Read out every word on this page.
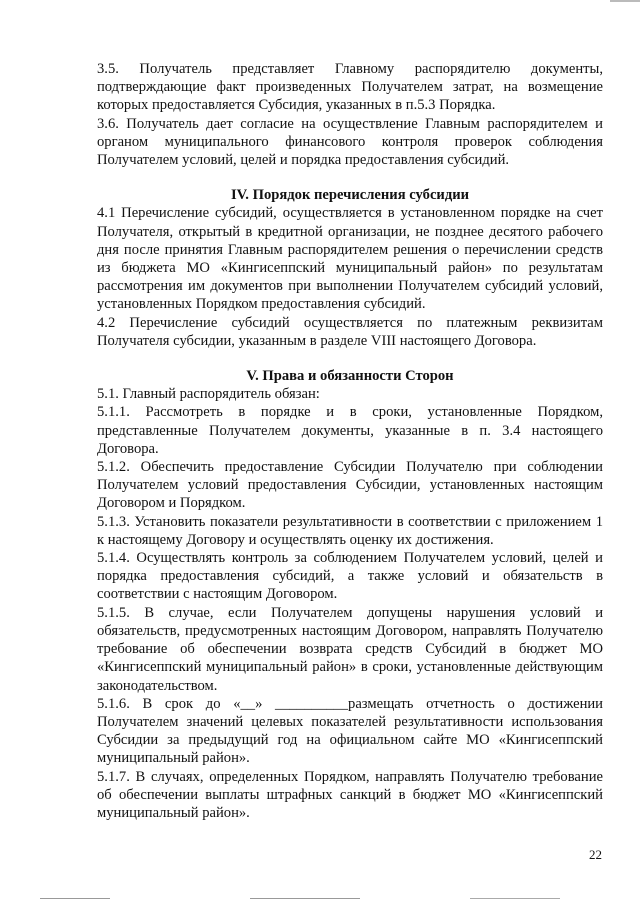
3.5. Получатель представляет Главному распорядителю документы, подтверждающие факт произведенных Получателем затрат, на возмещение которых предоставляется Субсидия, указанных в п.5.3 Порядка.

3.6. Получатель дает согласие на осуществление Главным распорядителем и органом муниципального финансового контроля проверок соблюдения Получателем условий, целей и порядка предоставления субсидий.

IV. Порядок перечисления субсидии

4.1 Перечисление субсидий, осуществляется в установленном порядке на счет Получателя, открытый в кредитной организации, не позднее десятого рабочего дня после принятия Главным распорядителем решения о перечислении средств из бюджета МО «Кингисеппский муниципальный район» по результатам рассмотрения им документов при выполнении Получателем субсидий условий, установленных Порядком предоставления субсидий.

4.2 Перечисление субсидий осуществляется по платежным реквизитам Получателя субсидии, указанным в разделе VIII настоящего Договора.

V. Права и обязанности Сторон

5.1. Главный распорядитель обязан:

5.1.1. Рассмотреть в порядке и в сроки, установленные Порядком, представленные Получателем документы, указанные в п. 3.4 настоящего Договора.

5.1.2. Обеспечить предоставление Субсидии Получателю при соблюдении Получателем условий предоставления Субсидии, установленных настоящим Договором и Порядком.

5.1.3. Установить показатели результативности в соответствии с приложением 1 к настоящему Договору и осуществлять оценку их достижения.

5.1.4. Осуществлять контроль за соблюдением Получателем условий, целей и порядка предоставления субсидий, а также условий и обязательств в соответствии с настоящим Договором.

5.1.5. В случае, если Получателем допущены нарушения условий и обязательств, предусмотренных настоящим Договором, направлять Получателю требование об обеспечении возврата средств Субсидий в бюджет МО «Кингисеппский муниципальный район» в сроки, установленные действующим законодательством.

5.1.6. В срок до «__» __________размещать отчетность о достижении Получателем значений целевых показателей результативности использования Субсидии за предыдущий год на официальном сайте МО «Кингисеппский муниципальный район».

5.1.7. В случаях, определенных Порядком, направлять Получателю требование об обеспечении выплаты штрафных санкций в бюджет МО «Кингисеппский муниципальный район».

22
